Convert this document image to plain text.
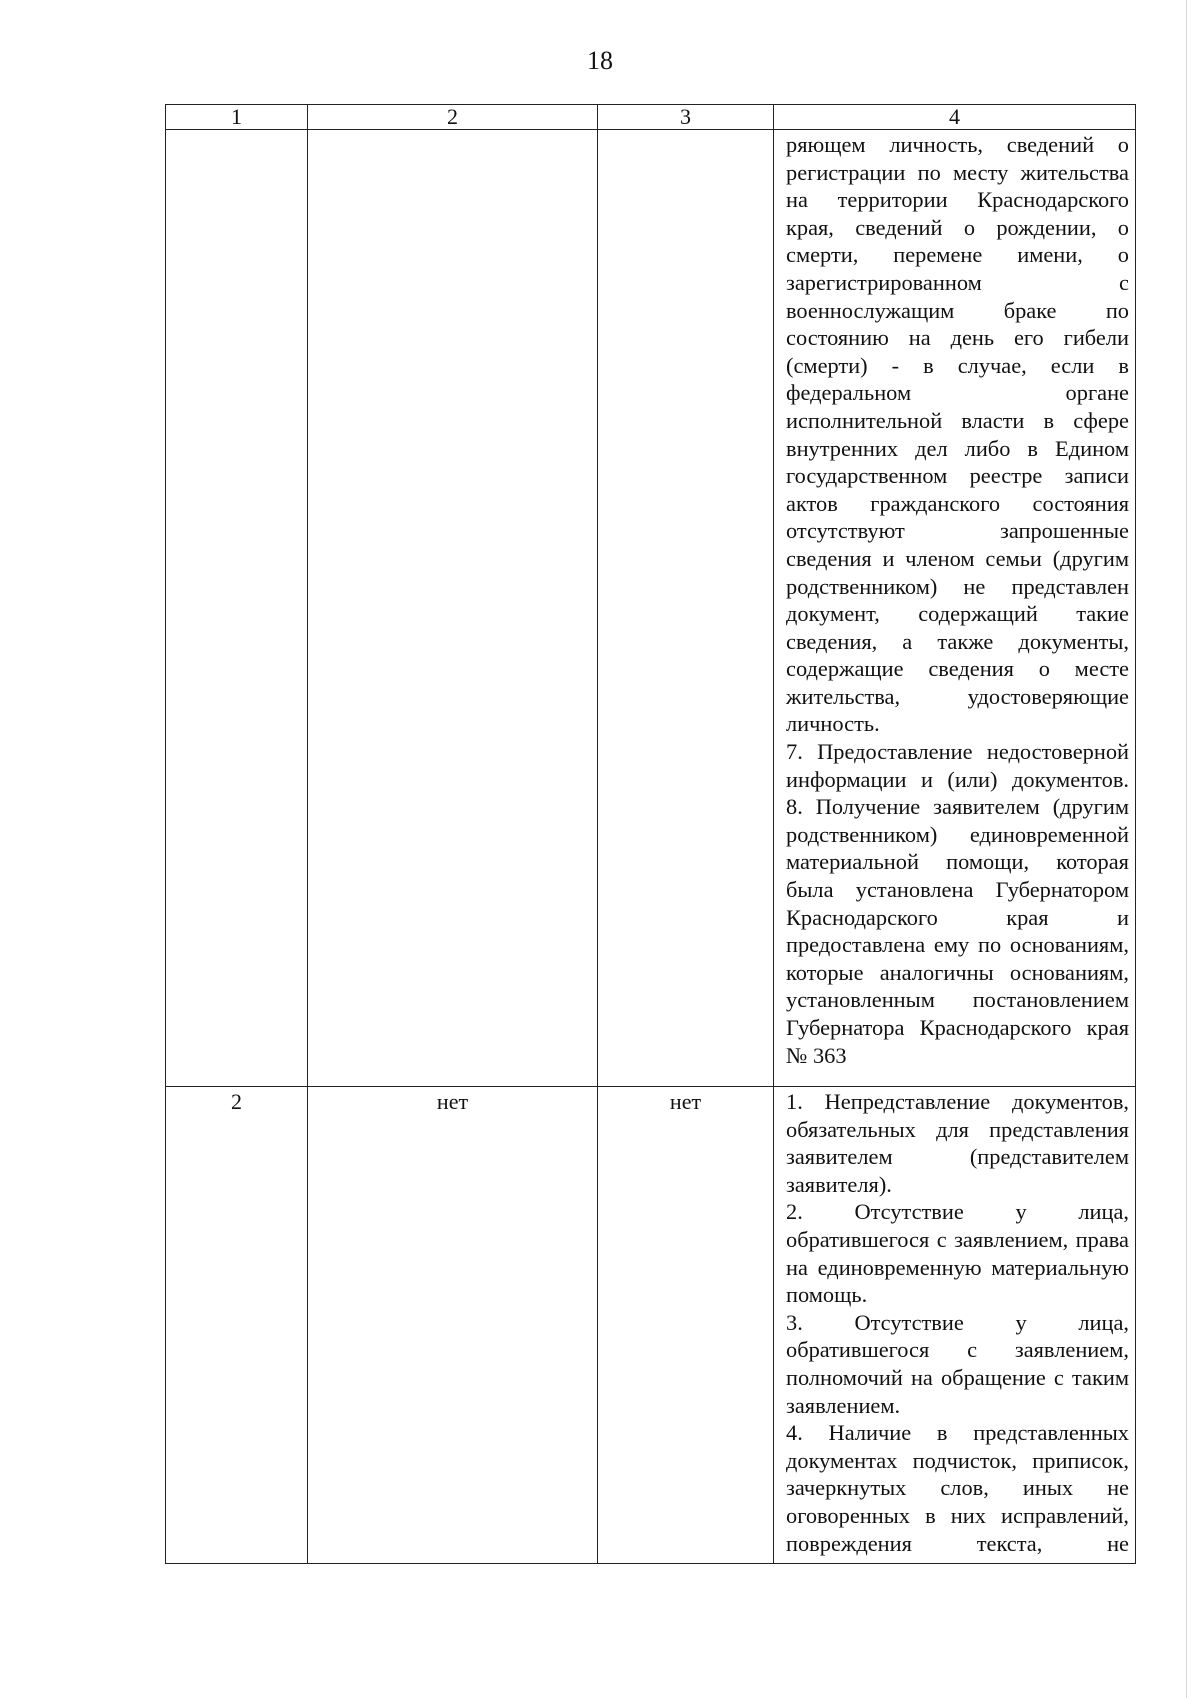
18
1	2	3	4

			ряющем личность, сведений о регистрации по месту жительства на территории Краснодарского края, сведений о рождении, о смерти, перемене имени, о зарегистрированном с военнослужащим браке по состоянию на день его гибели (смерти) - в случае, если в федеральном органе исполнительной власти в сфере внутренних дел либо в Едином государственном реестре записи актов гражданского состояния отсутствуют запрошенные сведения и членом семьи (другим родственником) не представлен документ, содержащий такие сведения, а также документы, содержащие сведения о месте жительства, удостоверяющие личность.
7. Предоставление недостоверной информации и (или) документов.
8. Получение заявителем (другим родственником) единовременной материальной помощи, которая была установлена Губернатором Краснодарского края и предоставлена ему по основаниям, которые аналогичны основаниям, установленным постановлением Губернатора Краснодарского края № 363

2	нет	нет	1. Непредставление документов, обязательных для представления заявителем (представителем заявителя).
2. Отсутствие у лица, обратившегося с заявлением, права на единовременную материальную помощь.
3. Отсутствие у лица, обратившегося с заявлением, полномочий на обращение с таким заявлением.
4. Наличие в представленных документах подчисток, приписок, зачеркнутых слов, иных не оговоренных в них исправлений, повреждения текста, не
